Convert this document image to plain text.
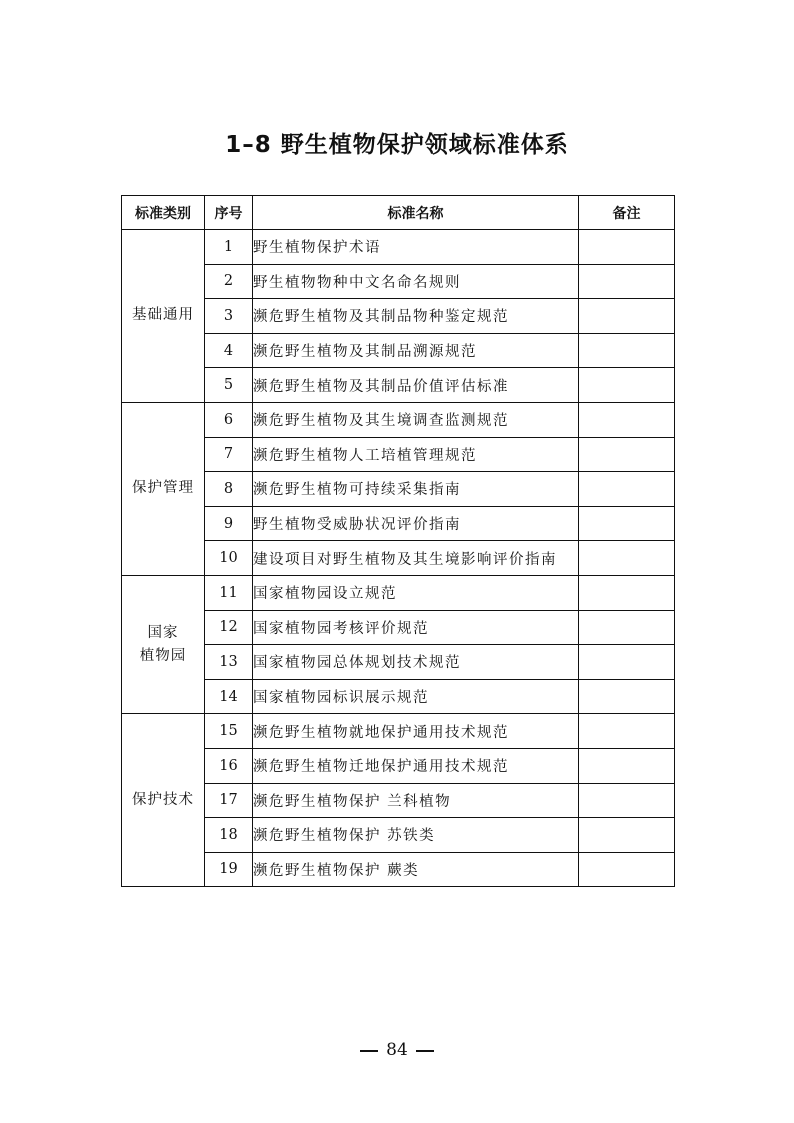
1–8 野生植物保护领域标准体系
标准类别	序号	标准名称	备注
基础通用	1	野生植物保护术语	
	2	野生植物物种中文名命名规则	
	3	濒危野生植物及其制品物种鉴定规范	
	4	濒危野生植物及其制品溯源规范	
	5	濒危野生植物及其制品价值评估标准	
保护管理	6	濒危野生植物及其生境调查监测规范	
	7	濒危野生植物人工培植管理规范	
	8	濒危野生植物可持续采集指南	
	9	野生植物受威胁状况评价指南	
	10	建设项目对野生植物及其生境影响评价指南	
国家
植物园	11	国家植物园设立规范	
	12	国家植物园考核评价规范	
	13	国家植物园总体规划技术规范	
	14	国家植物园标识展示规范	
保护技术	15	濒危野生植物就地保护通用技术规范	
	16	濒危野生植物迁地保护通用技术规范	
	17	濒危野生植物保护 兰科植物	
	18	濒危野生植物保护 苏铁类	
	19	濒危野生植物保护 蕨类	
84
